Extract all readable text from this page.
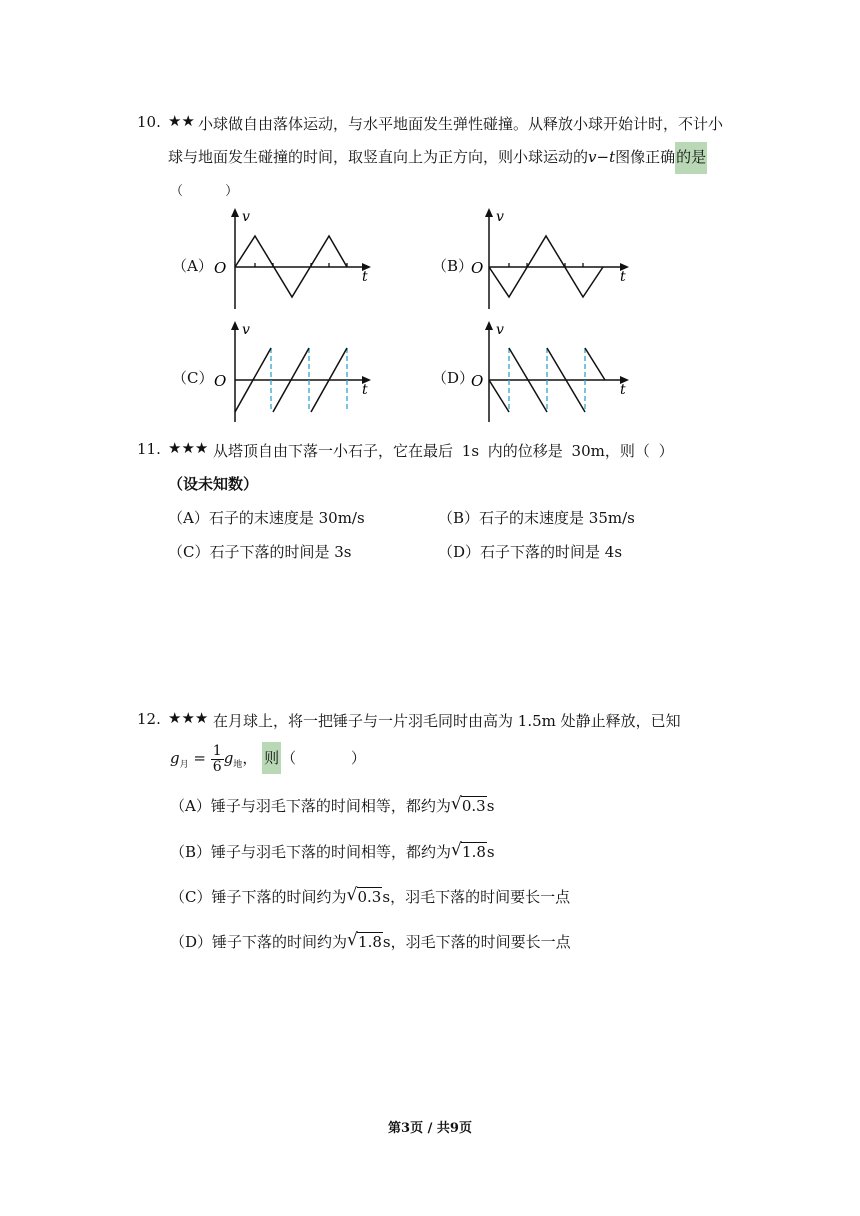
10. ★★ 小球做自由落体运动，与水平地面发生弹性碰撞。从释放小球开始计时，不计小
球与地面发生碰撞的时间，取竖直向上为正方向，则小球运动的v−t图像正确的是
（ ）
（A）	（B）
（C）	（D）
v
O	t
v
O	t
v
O	t
v
O	t
11. ★★★ 从塔顶自由下落一小石子，它在最后 1s 内的位移是 30m，则（ ）
（设未知数）
（A）石子的末速度是 30m/s	（B）石子的末速度是 35m/s
（C）石子下落的时间是 3s	（D）石子下落的时间是 4s
12. ★★★ 在月球上，将一把锤子与一片羽毛同时由高为 1.5m 处静止释放，已知
$g_月 = \frac{1}{6} g_地$， 则 （ ）
（A）锤子与羽毛下落的时间相等，都约为 √ 0.3s
（B）锤子与羽毛下落的时间相等，都约为 √ 1.8s
（C）锤子下落的时间约为 √ 0.3s，羽毛下落的时间要长一点
（D）锤子下落的时间约为 √ 1.8s，羽毛下落的时间要长一点
第3页 / 共9页
